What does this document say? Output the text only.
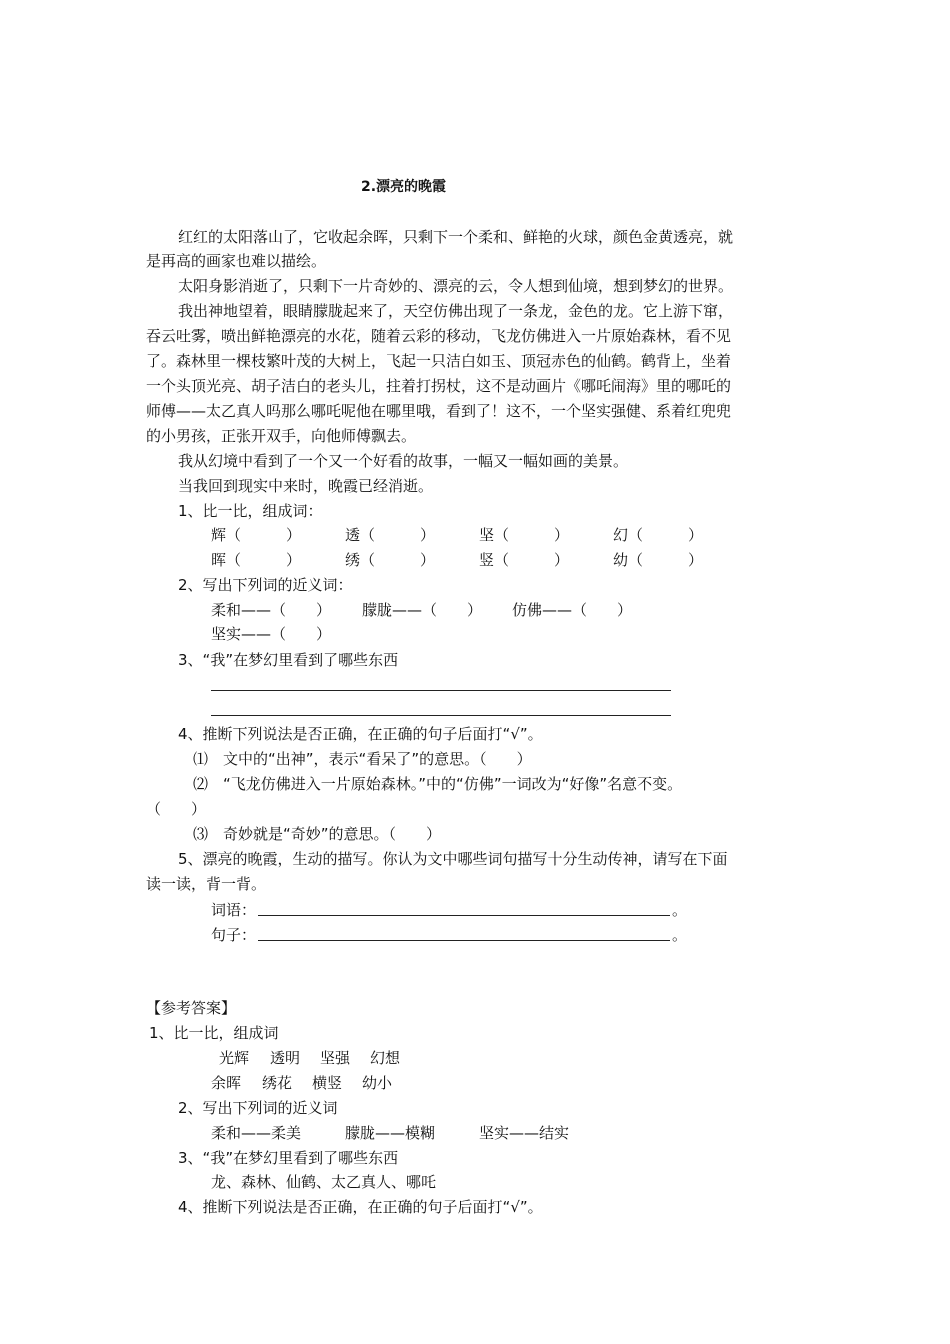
2.漂亮的晚霞
红红的太阳落山了，它收起余晖，只剩下一个柔和、鲜艳的火球，颜色金黄透亮，就
是再高的画家也难以描绘。
太阳身影消逝了，只剩下一片奇妙的、漂亮的云，令人想到仙境，想到梦幻的世界。
我出神地望着，眼睛朦胧起来了，天空仿佛出现了一条龙，金色的龙。它上游下窜，
吞云吐雾，喷出鲜艳漂亮的水花，随着云彩的移动，飞龙仿佛进入一片原始森林，看不见
了。森林里一棵枝繁叶茂的大树上，飞起一只洁白如玉、顶冠赤色的仙鹤。鹤背上，坐着
一个头顶光亮、胡子洁白的老头儿，拄着打拐杖，这不是动画片《哪吒闹海》里的哪吒的
师傅——太乙真人吗那么哪吒呢他在哪里哦，看到了！这不，一个坚实强健、系着红兜兜
的小男孩，正张开双手，向他师傅飘去。
我从幻境中看到了一个又一个好看的故事，一幅又一幅如画的美景。
当我回到现实中来时，晚霞已经消逝。
1、比一比，组成词：
辉（　　　）	透（　　　）	坚（　　　）	幻（　　　）
晖（　　　）	绣（　　　）	竖（　　　）	幼（　　　）
2、写出下列词的近义词：
柔和——（　　） 朦胧——（　　） 仿佛——（　　）
坚实——（　　）
3、“我”在梦幻里看到了哪些东西
4、推断下列说法是否正确，在正确的句子后面打“√”。
⑴　文中的“出神”，表示“看呆了”的意思。（　　）
⑵　“飞龙仿佛进入一片原始森林。”中的“仿佛”一词改为“好像”名意不变。
（　　）
⑶　奇妙就是“奇妙”的意思。（　　）
5、漂亮的晚霞，生动的描写。你认为文中哪些词句描写十分生动传神，请写在下面
读一读，背一背。
词语：	。
句子：	。
【参考答案】
1、比一比，组成词
光辉 透明 坚强 幻想
余晖 绣花 横竖 幼小
2、写出下列词的近义词
柔和——柔美	朦胧——模糊	坚实——结实
3、“我”在梦幻里看到了哪些东西
龙、森林、仙鹤、太乙真人、哪吒
4、推断下列说法是否正确，在正确的句子后面打“√”。
